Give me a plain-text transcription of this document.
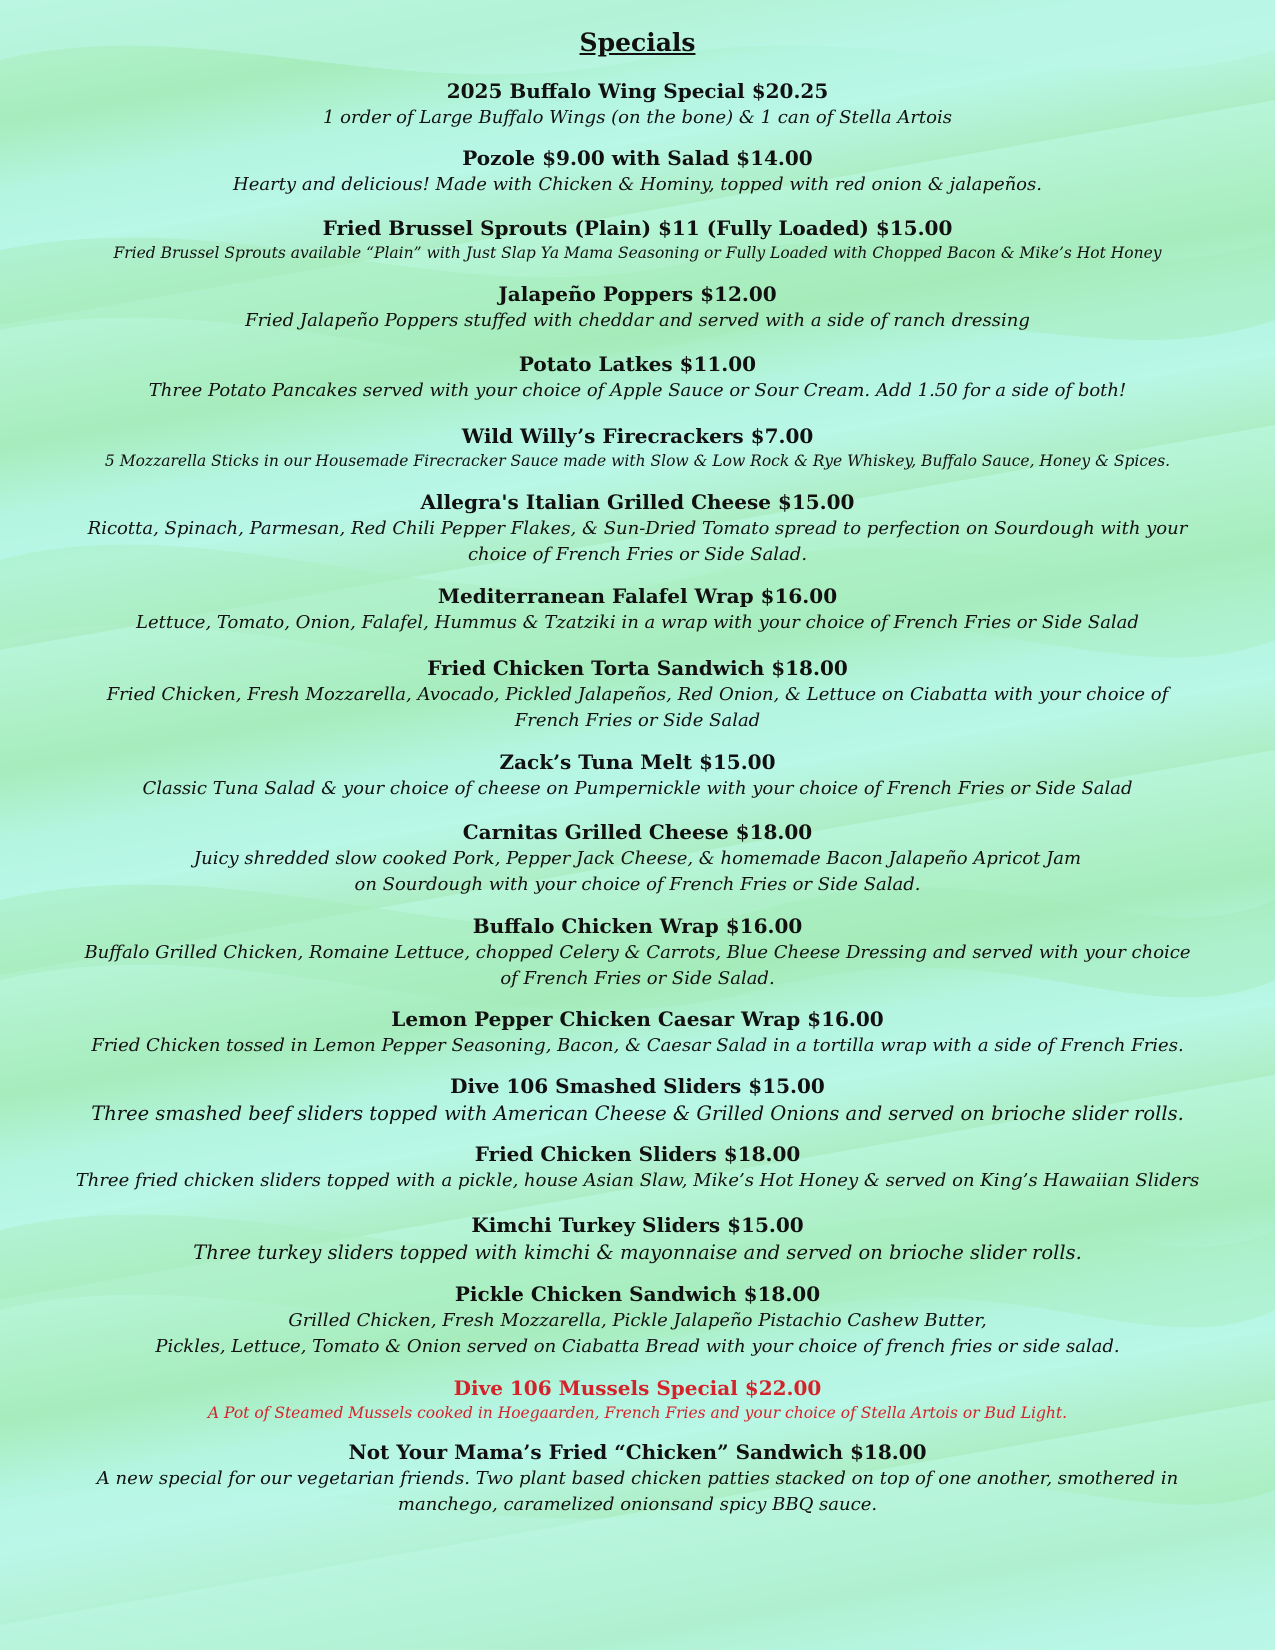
Specials
2025 Buffalo Wing Special $20.25
1 order of Large Buffalo Wings (on the bone) & 1 can of Stella Artois
Pozole $9.00 with Salad $14.00
Hearty and delicious! Made with Chicken & Hominy, topped with red onion & jalapeños.
Fried Brussel Sprouts (Plain) $11 (Fully Loaded) $15.00
Fried Brussel Sprouts available “Plain” with Just Slap Ya Mama Seasoning or Fully Loaded with Chopped Bacon & Mike’s Hot Honey
Jalapeño Poppers $12.00
Fried Jalapeño Poppers stuffed with cheddar and served with a side of ranch dressing
Potato Latkes $11.00
Three Potato Pancakes served with your choice of Apple Sauce or Sour Cream. Add 1.50 for a side of both!
Wild Willy’s Firecrackers $7.00
5 Mozzarella Sticks in our Housemade Firecracker Sauce made with Slow & Low Rock & Rye Whiskey, Buffalo Sauce, Honey & Spices.
Allegra's Italian Grilled Cheese $15.00
Ricotta, Spinach, Parmesan, Red Chili Pepper Flakes, & Sun-Dried Tomato spread to perfection on Sourdough with your
choice of French Fries or Side Salad.
Mediterranean Falafel Wrap $16.00
Lettuce, Tomato, Onion, Falafel, Hummus & Tzatziki in a wrap with your choice of French Fries or Side Salad
Fried Chicken Torta Sandwich $18.00
Fried Chicken, Fresh Mozzarella, Avocado, Pickled Jalapeños, Red Onion, & Lettuce on Ciabatta with your choice of
French Fries or Side Salad
Zack’s Tuna Melt $15.00
Classic Tuna Salad & your choice of cheese on Pumpernickle with your choice of French Fries or Side Salad
Carnitas Grilled Cheese $18.00
Juicy shredded slow cooked Pork, Pepper Jack Cheese, & homemade Bacon Jalapeño Apricot Jam
on Sourdough with your choice of French Fries or Side Salad.
Buffalo Chicken Wrap $16.00
Buffalo Grilled Chicken, Romaine Lettuce, chopped Celery & Carrots, Blue Cheese Dressing and served with your choice
of French Fries or Side Salad.
Lemon Pepper Chicken Caesar Wrap $16.00
Fried Chicken tossed in Lemon Pepper Seasoning, Bacon, & Caesar Salad in a tortilla wrap with a side of French Fries.
Dive 106 Smashed Sliders $15.00
Three smashed beef sliders topped with American Cheese & Grilled Onions and served on brioche slider rolls.
Fried Chicken Sliders $18.00
Three fried chicken sliders topped with a pickle, house Asian Slaw, Mike’s Hot Honey & served on King’s Hawaiian Sliders
Kimchi Turkey Sliders $15.00
Three turkey sliders topped with kimchi & mayonnaise and served on brioche slider rolls.
Pickle Chicken Sandwich $18.00
Grilled Chicken, Fresh Mozzarella, Pickle Jalapeño Pistachio Cashew Butter,
Pickles, Lettuce, Tomato & Onion served on Ciabatta Bread with your choice of french fries or side salad.
Dive 106 Mussels Special $22.00
A Pot of Steamed Mussels cooked in Hoegaarden, French Fries and your choice of Stella Artois or Bud Light.
Not Your Mama’s Fried “Chicken” Sandwich $18.00
A new special for our vegetarian friends. Two plant based chicken patties stacked on top of one another, smothered in
manchego, caramelized onionsand spicy BBQ sauce.
